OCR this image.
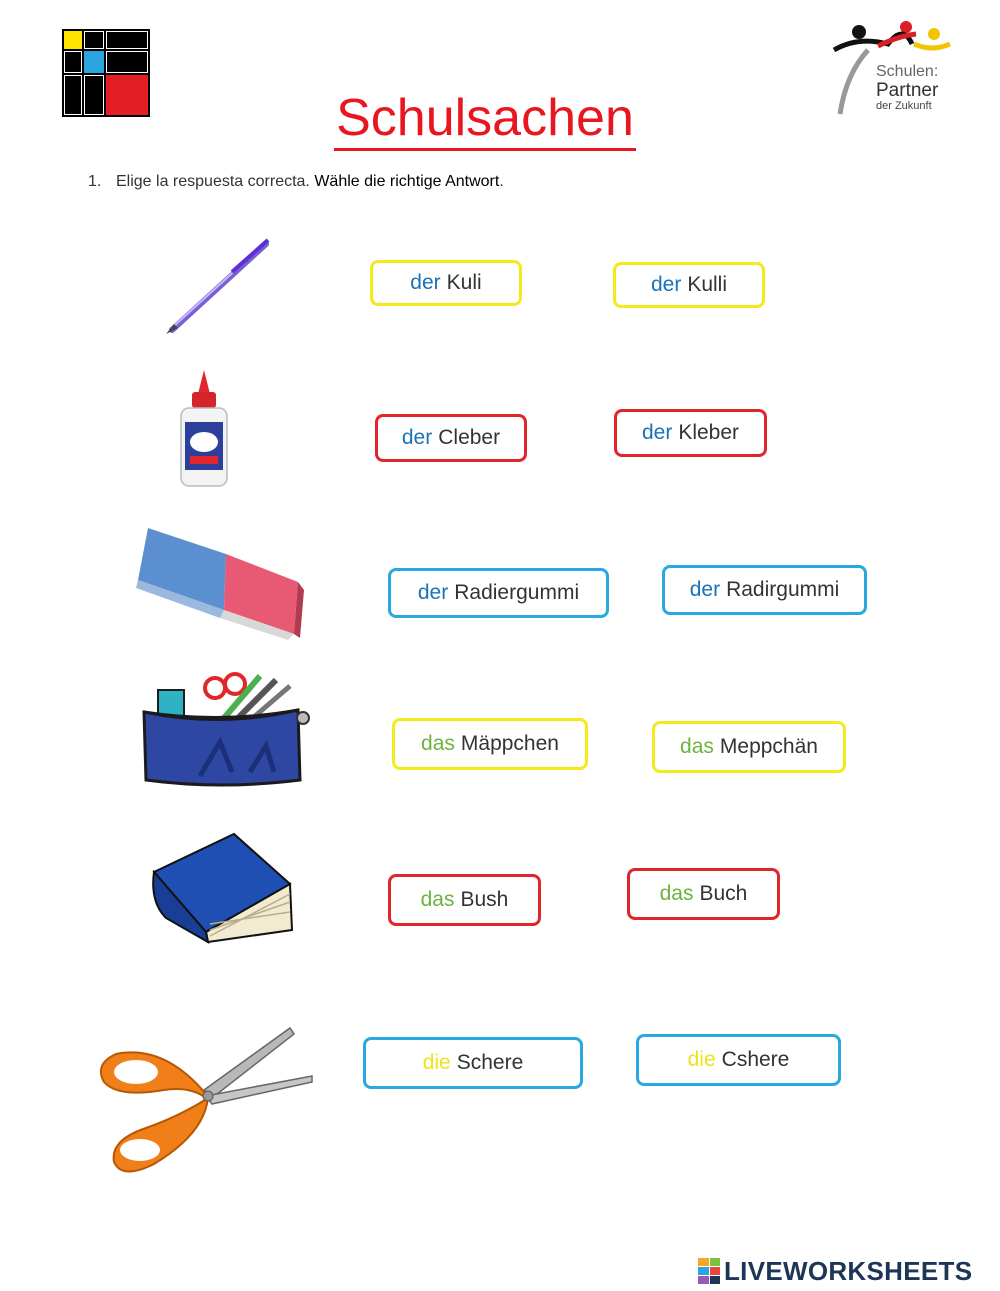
Schulen:
Partner
der Zukunft
Schulsachen
1. Elige la respuesta correcta. Wähle die richtige Antwort.
der Kuli	der Kulli
der Cleber	der Kleber
der Radiergummi	der Radirgummi
das Mäppchen	das Meppchän
das Bush	das Buch
die Schere	die Cshere
LIVEWORKSHEETS
